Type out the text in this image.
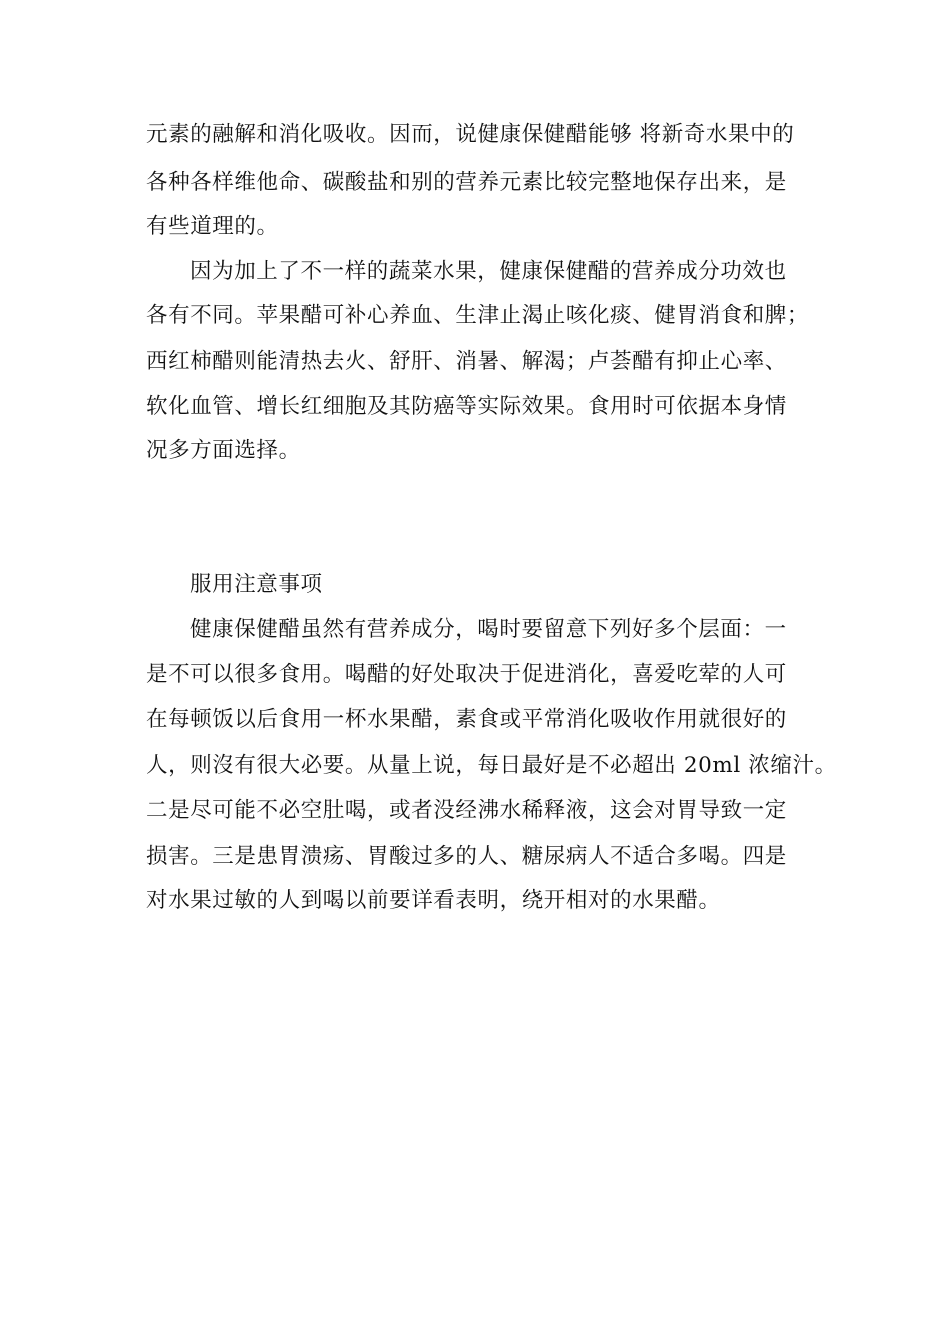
元素的融解和消化吸收。因而，说健康保健醋能够 将新奇水果中的
各种各样维他命、碳酸盐和别的营养元素比较完整地保存出来，是
有些道理的。
因为加上了不一样的蔬菜水果，健康保健醋的营养成分功效也
各有不同。苹果醋可补心养血、生津止渴止咳化痰、健胃消食和脾；
西红柿醋则能清热去火、舒肝、消暑、解渴；卢荟醋有抑止心率、
软化血管、增长红细胞及其防癌等实际效果。食用时可依据本身情
况多方面选择。
服用注意事项
健康保健醋虽然有营养成分，喝时要留意下列好多个层面：一
是不可以很多食用。喝醋的好处取决于促进消化，喜爱吃荤的人可
在每顿饭以后食用一杯水果醋，素食或平常消化吸收作用就很好的
人，则沒有很大必要。从量上说，每日最好是不必超出 20ml 浓缩汁。
二是尽可能不必空肚喝，或者没经沸水稀释液，这会对胃导致一定
损害。三是患胃溃疡、胃酸过多的人、糖尿病人不适合多喝。四是
对水果过敏的人到喝以前要详看表明，绕开相对的水果醋。
